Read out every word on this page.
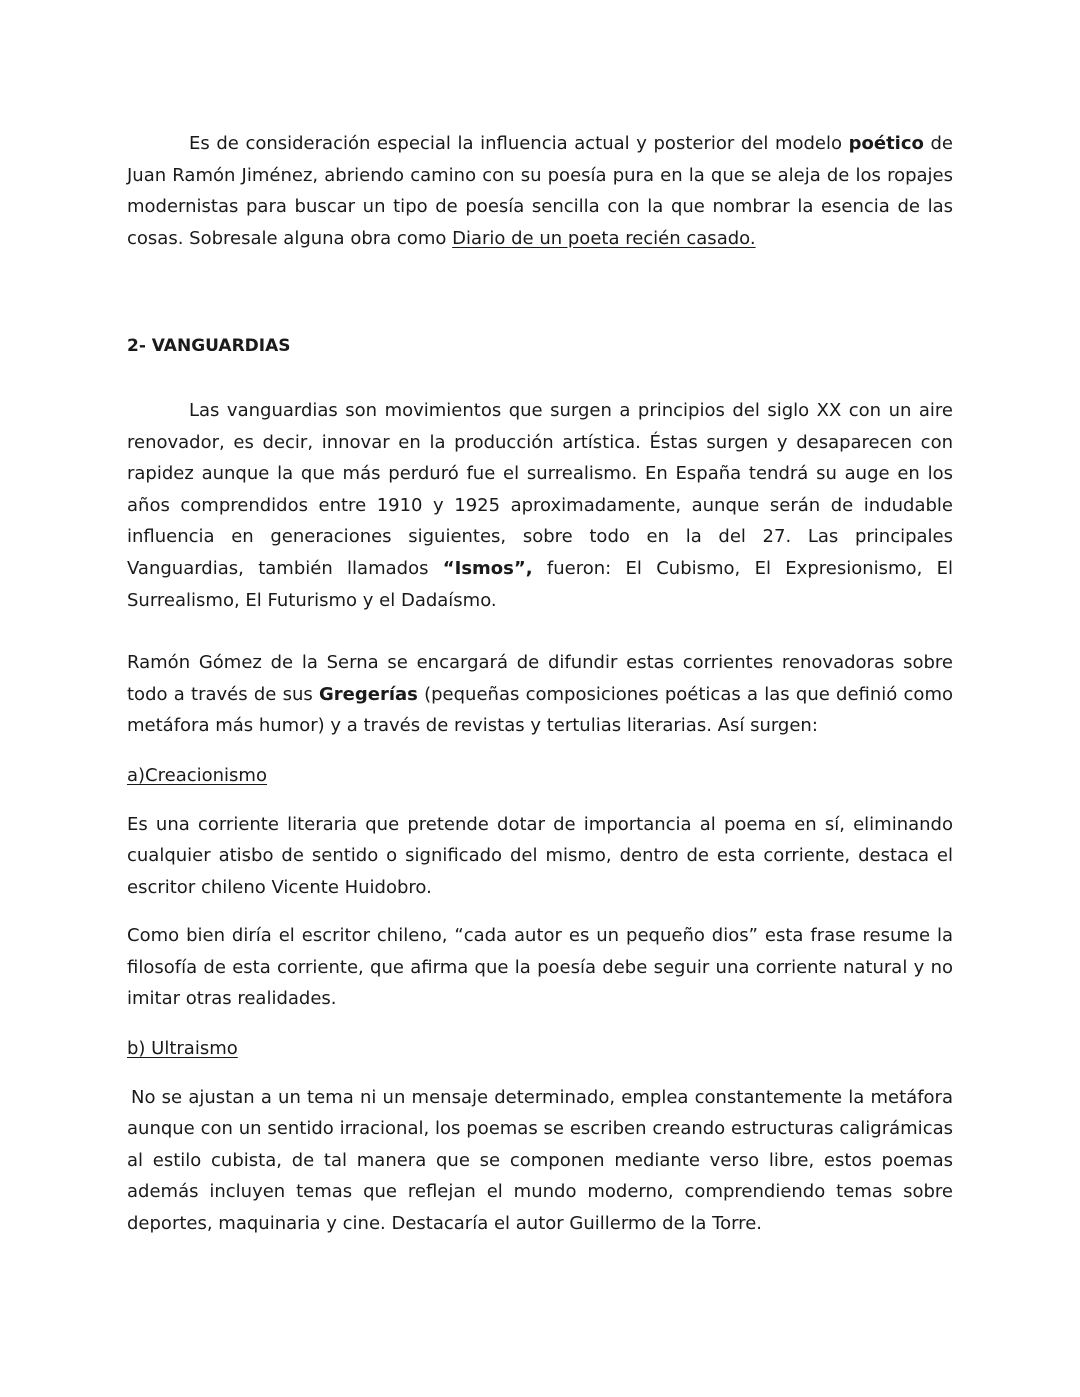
Es de consideración especial la influencia actual y posterior del modelo poético de Juan Ramón Jiménez, abriendo camino con su poesía pura en la que se aleja de los ropajes modernistas para buscar un tipo de poesía sencilla con la que nombrar la esencia de las cosas. Sobresale alguna obra como Diario de un poeta recién casado.

2- VANGUARDIAS

Las vanguardias son movimientos que surgen a principios del siglo XX con un aire renovador, es decir, innovar en la producción artística. Éstas surgen y desaparecen con rapidez aunque la que más perduró fue el surrealismo. En España tendrá su auge en los años comprendidos entre 1910 y 1925 aproximadamente, aunque serán de indudable influencia en generaciones siguientes, sobre todo en la del 27. Las principales Vanguardias, también llamados “Ismos”, fueron: El Cubismo, El Expresionismo, El Surrealismo, El Futurismo y el Dadaísmo.

Ramón Gómez de la Serna se encargará de difundir estas corrientes renovadoras sobre todo a través de sus Gregerías (pequeñas composiciones poéticas a las que definió como metáfora más humor) y a través de revistas y tertulias literarias. Así surgen:

a)Creacionismo

Es una corriente literaria que pretende dotar de importancia al poema en sí, eliminando cualquier atisbo de sentido o significado del mismo, dentro de esta corriente, destaca el escritor chileno Vicente Huidobro.

Como bien diría el escritor chileno, “cada autor es un pequeño dios” esta frase resume la filosofía de esta corriente, que afirma que la poesía debe seguir una corriente natural y no imitar otras realidades.

b) Ultraismo

No se ajustan a un tema ni un mensaje determinado, emplea constantemente la metáfora aunque con un sentido irracional, los poemas se escriben creando estructuras caligrámicas al estilo cubista, de tal manera que se componen mediante verso libre, estos poemas además incluyen temas que reflejan el mundo moderno, comprendiendo temas sobre deportes, maquinaria y cine. Destacaría el autor Guillermo de la Torre.
